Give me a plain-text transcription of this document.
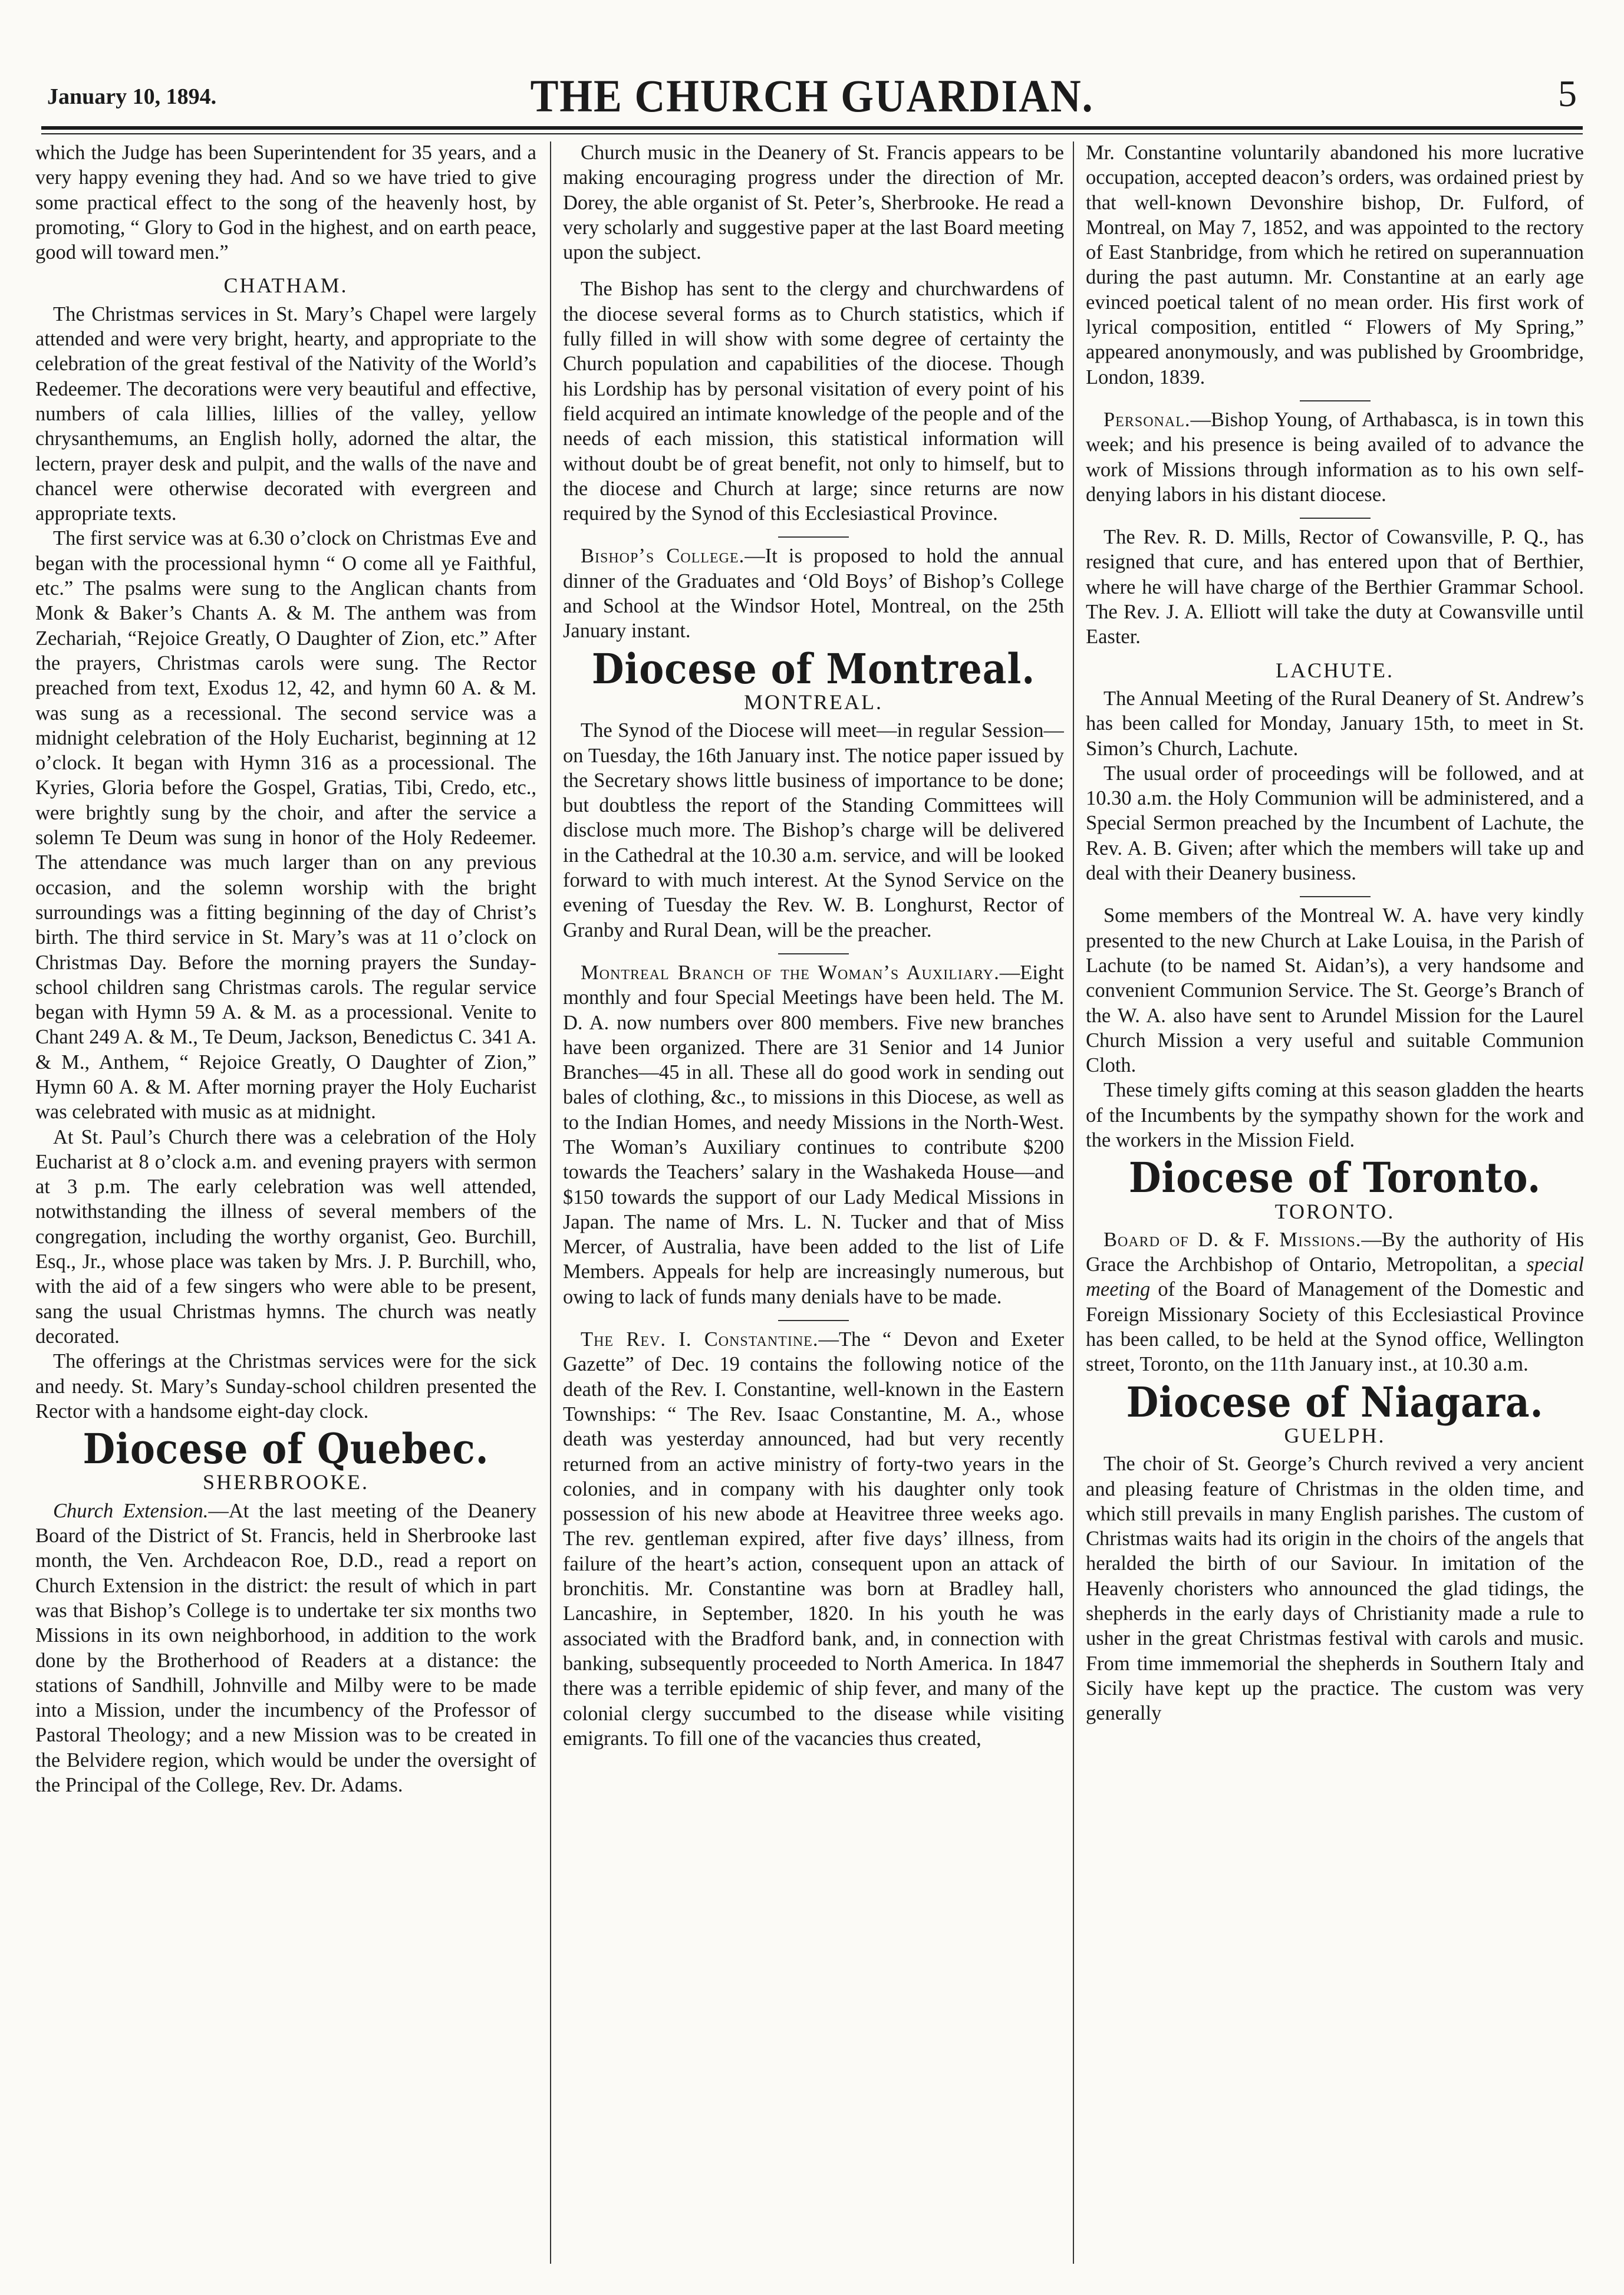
January 10, 1894.	THE CHURCH GUARDIAN.	5

which the Judge has been Superintendent for 35 years, and a very happy evening they had. And so we have tried to give some practical effect to the song of the heavenly host, by promoting, “ Glory to God in the highest, and on earth peace, good will toward men.”

CHATHAM.

The Christmas services in St. Mary’s Chapel were largely attended and were very bright, hearty, and appropriate to the celebration of the great festival of the Nativity of the World’s Redeemer. The decorations were very beautiful and effective, numbers of cala lillies, lillies of the valley, yellow chrysanthemums, an English holly, adorned the altar, the lectern, prayer desk and pulpit, and the walls of the nave and chancel were otherwise decorated with evergreen and appropriate texts.

The first service was at 6.30 o’clock on Christmas Eve and began with the processional hymn “ O come all ye Faithful, etc.” The psalms were sung to the Anglican chants from Monk & Baker’s Chants A. & M. The anthem was from Zechariah, “Rejoice Greatly, O Daughter of Zion, etc.” After the prayers, Christmas carols were sung. The Rector preached from text, Exodus 12, 42, and hymn 60 A. & M. was sung as a recessional. The second service was a midnight celebration of the Holy Eucharist, beginning at 12 o’clock. It began with Hymn 316 as a processional. The Kyries, Gloria before the Gospel, Gratias, Tibi, Credo, etc., were brightly sung by the choir, and after the service a solemn Te Deum was sung in honor of the Holy Redeemer. The attendance was much larger than on any previous occasion, and the solemn worship with the bright surroundings was a fitting beginning of the day of Christ’s birth. The third service in St. Mary’s was at 11 o’clock on Christmas Day. Before the morning prayers the Sunday-school children sang Christmas carols. The regular service began with Hymn 59 A. & M. as a processional. Venite to Chant 249 A. & M., Te Deum, Jackson, Benedictus C. 341 A. & M., Anthem, “ Rejoice Greatly, O Daughter of Zion,” Hymn 60 A. & M. After morning prayer the Holy Eucharist was celebrated with music as at midnight.

At St. Paul’s Church there was a celebration of the Holy Eucharist at 8 o’clock a.m. and evening prayers with sermon at 3 p.m. The early celebration was well attended, notwithstanding the illness of several members of the congregation, including the worthy organist, Geo. Burchill, Esq., Jr., whose place was taken by Mrs. J. P. Burchill, who, with the aid of a few singers who were able to be present, sang the usual Christmas hymns. The church was neatly decorated.

The offerings at the Christmas services were for the sick and needy. St. Mary’s Sunday-school children presented the Rector with a handsome eight-day clock.

Diocese of Quebec.
SHERBROOKE.

Church Extension.—At the last meeting of the Deanery Board of the District of St. Francis, held in Sherbrooke last month, the Ven. Archdeacon Roe, D.D., read a report on Church Extension in the district: the result of which in part was that Bishop’s College is to undertake ter six months two Missions in its own neighborhood, in addition to the work done by the Brotherhood of Readers at a distance: the stations of Sandhill, Johnville and Milby were to be made into a Mission, under the incumbency of the Professor of Pastoral Theology; and a new Mission was to be created in the Belvidere region, which would be under the oversight of the Principal of the College, Rev. Dr. Adams.

Church music in the Deanery of St. Francis appears to be making encouraging progress under the direction of Mr. Dorey, the able organist of St. Peter’s, Sherbrooke. He read a very scholarly and suggestive paper at the last Board meeting upon the subject.

The Bishop has sent to the clergy and churchwardens of the diocese several forms as to Church statistics, which if fully filled in will show with some degree of certainty the Church population and capabilities of the diocese. Though his Lordship has by personal visitation of every point of his field acquired an intimate knowledge of the people and of the needs of each mission, this statistical information will without doubt be of great benefit, not only to himself, but to the diocese and Church at large; since returns are now required by the Synod of this Ecclesiastical Province.

Bishop’s College.—It is proposed to hold the annual dinner of the Graduates and ‘Old Boys’ of Bishop’s College and School at the Windsor Hotel, Montreal, on the 25th January instant.

Diocese of Montreal.
MONTREAL.

The Synod of the Diocese will meet—in regular Session—on Tuesday, the 16th January inst. The notice paper issued by the Secretary shows little business of importance to be done; but doubtless the report of the Standing Committees will disclose much more. The Bishop’s charge will be delivered in the Cathedral at the 10.30 a.m. service, and will be looked forward to with much interest. At the Synod Service on the evening of Tuesday the Rev. W. B. Longhurst, Rector of Granby and Rural Dean, will be the preacher.

Montreal Branch of the Woman’s Auxiliary.—Eight monthly and four Special Meetings have been held. The M. D. A. now numbers over 800 members. Five new branches have been organized. There are 31 Senior and 14 Junior Branches—45 in all. These all do good work in sending out bales of clothing, &c., to missions in this Diocese, as well as to the Indian Homes, and needy Missions in the North-West. The Woman’s Auxiliary continues to contribute $200 towards the Teachers’ salary in the Washakeda House—and $150 towards the support of our Lady Medical Missions in Japan. The name of Mrs. L. N. Tucker and that of Miss Mercer, of Australia, have been added to the list of Life Members. Appeals for help are increasingly numerous, but owing to lack of funds many denials have to be made.

The Rev. I. Constantine.—The “ Devon and Exeter Gazette” of Dec. 19 contains the following notice of the death of the Rev. I. Constantine, well-known in the Eastern Townships: “ The Rev. Isaac Constantine, M. A., whose death was yesterday announced, had but very recently returned from an active ministry of forty-two years in the colonies, and in company with his daughter only took possession of his new abode at Heavitree three weeks ago. The rev. gentleman expired, after five days’ illness, from failure of the heart’s action, consequent upon an attack of bronchitis. Mr. Constantine was born at Bradley hall, Lancashire, in September, 1820. In his youth he was associated with the Bradford bank, and, in connection with banking, subsequently proceeded to North America. In 1847 there was a terrible epidemic of ship fever, and many of the colonial clergy succumbed to the disease while visiting emigrants. To fill one of the vacancies thus created,

Mr. Constantine voluntarily abandoned his more lucrative occupation, accepted deacon’s orders, was ordained priest by that well-known Devonshire bishop, Dr. Fulford, of Montreal, on May 7, 1852, and was appointed to the rectory of East Stanbridge, from which he retired on superannuation during the past autumn. Mr. Constantine at an early age evinced poetical talent of no mean order. His first work of lyrical composition, entitled “ Flowers of My Spring,” appeared anonymously, and was published by Groombridge, London, 1839.

Personal.—Bishop Young, of Arthabasca, is in town this week; and his presence is being availed of to advance the work of Missions through information as to his own self-denying labors in his distant diocese.

The Rev. R. D. Mills, Rector of Cowansville, P. Q., has resigned that cure, and has entered upon that of Berthier, where he will have charge of the Berthier Grammar School. The Rev. J. A. Elliott will take the duty at Cowansville until Easter.

LACHUTE.

The Annual Meeting of the Rural Deanery of St. Andrew’s has been called for Monday, January 15th, to meet in St. Simon’s Church, Lachute.

The usual order of proceedings will be followed, and at 10.30 a.m. the Holy Communion will be administered, and a Special Sermon preached by the Incumbent of Lachute, the Rev. A. B. Given; after which the members will take up and deal with their Deanery business.

Some members of the Montreal W. A. have very kindly presented to the new Church at Lake Louisa, in the Parish of Lachute (to be named St. Aidan’s), a very handsome and convenient Communion Service. The St. George’s Branch of the W. A. also have sent to Arundel Mission for the Laurel Church Mission a very useful and suitable Communion Cloth.

These timely gifts coming at this season gladden the hearts of the Incumbents by the sympathy shown for the work and the workers in the Mission Field.

Diocese of Toronto.
TORONTO.

Board of D. & F. Missions.—By the authority of His Grace the Archbishop of Ontario, Metropolitan, a special meeting of the Board of Management of the Domestic and Foreign Missionary Society of this Ecclesiastical Province has been called, to be held at the Synod office, Wellington street, Toronto, on the 11th January inst., at 10.30 a.m.

Diocese of Niagara.
GUELPH.

The choir of St. George’s Church revived a very ancient and pleasing feature of Christmas in the olden time, and which still prevails in many English parishes. The custom of Christmas waits had its origin in the choirs of the angels that heralded the birth of our Saviour. In imitation of the Heavenly choristers who announced the glad tidings, the shepherds in the early days of Christianity made a rule to usher in the great Christmas festival with carols and music. From time immemorial the shepherds in Southern Italy and Sicily have kept up the practice. The custom was very generally
